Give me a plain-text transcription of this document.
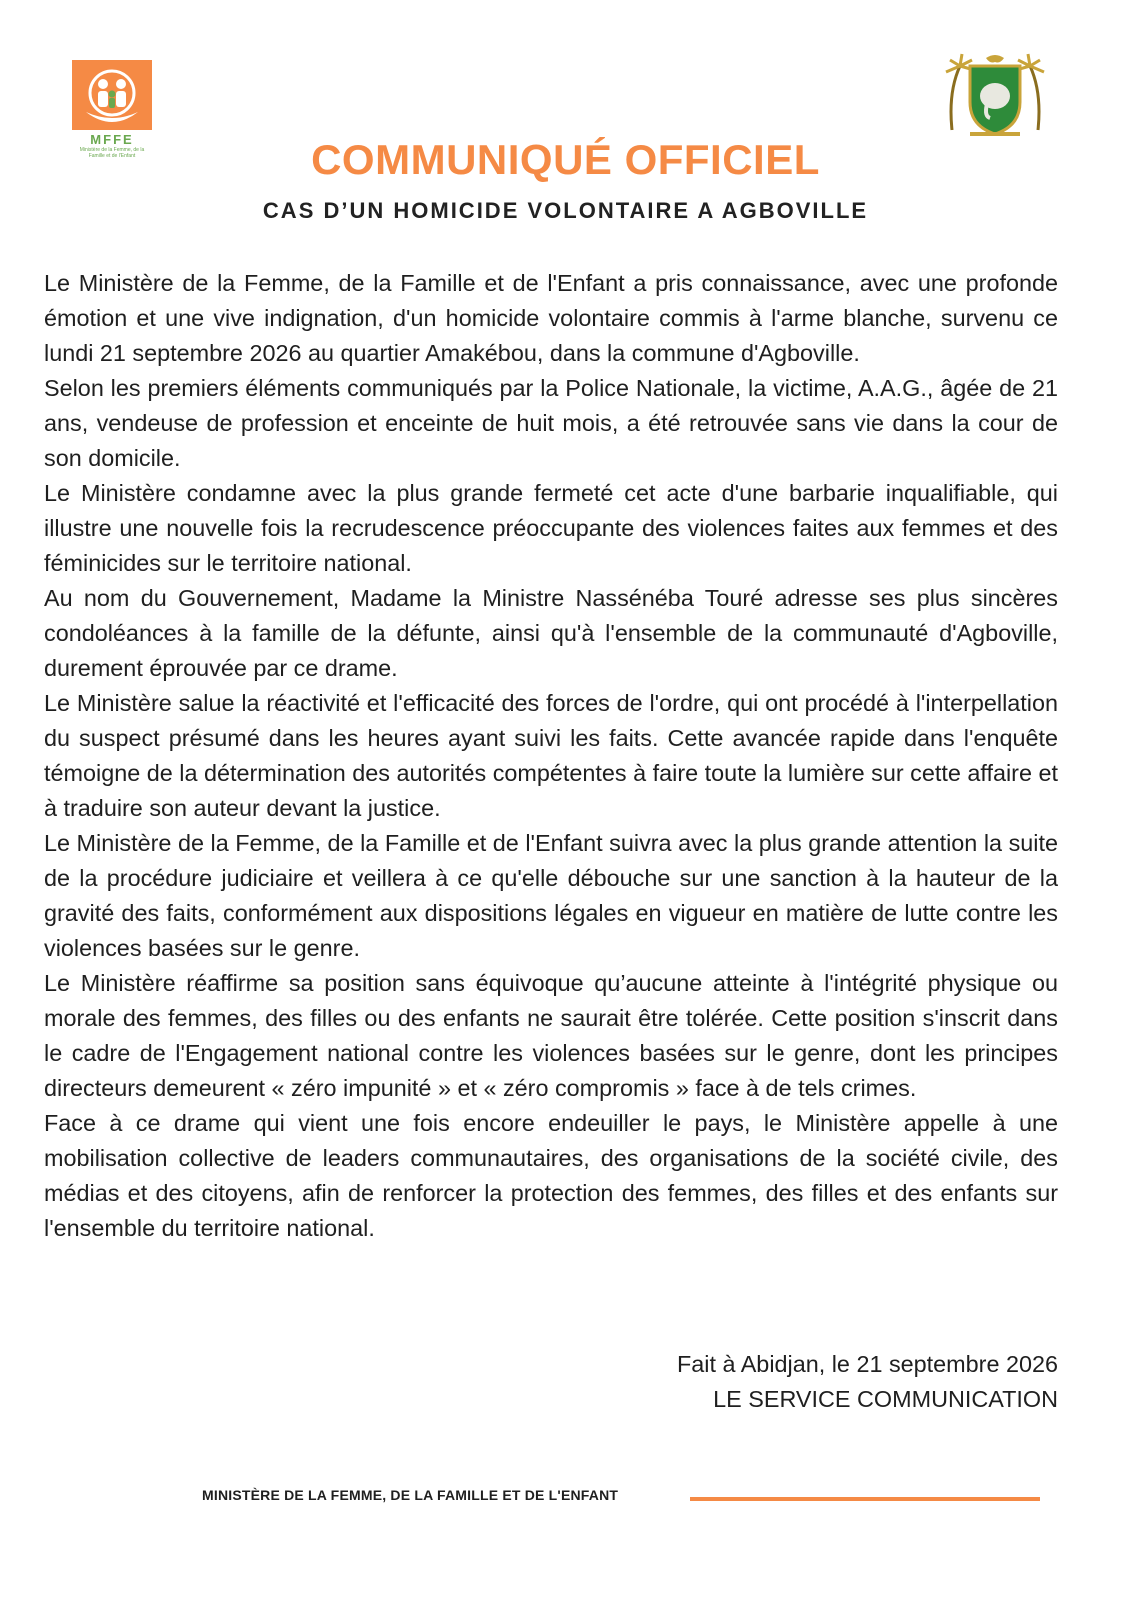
MFFE
Ministère de la Femme, de la Famille et de l'Enfant	COMMUNIQUÉ OFFICIEL
CAS D’UN HOMICIDE VOLONTAIRE A AGBOVILLE

Le Ministère de la Femme, de la Famille et de l'Enfant a pris connaissance, avec une profonde émotion et une vive indignation, d'un homicide volontaire commis à l'arme blanche, survenu ce lundi 21 septembre 2026 au quartier Amakébou, dans la commune d'Agboville.

Selon les premiers éléments communiqués par la Police Nationale, la victime, A.A.G., âgée de 21 ans, vendeuse de profession et enceinte de huit mois, a été retrouvée sans vie dans la cour de son domicile.

Le Ministère condamne avec la plus grande fermeté cet acte d'une barbarie inqualifiable, qui illustre une nouvelle fois la recrudescence préoccupante des violences faites aux femmes et des féminicides sur le territoire national.

Au nom du Gouvernement, Madame la Ministre Nassénéba Touré adresse ses plus sincères condoléances à la famille de la défunte, ainsi qu'à l'ensemble de la communauté d'Agboville, durement éprouvée par ce drame.

Le Ministère salue la réactivité et l'efficacité des forces de l'ordre, qui ont procédé à l'interpellation du suspect présumé dans les heures ayant suivi les faits. Cette avancée rapide dans l'enquête témoigne de la détermination des autorités compétentes à faire toute la lumière sur cette affaire et à traduire son auteur devant la justice.

Le Ministère de la Femme, de la Famille et de l'Enfant suivra avec la plus grande attention la suite de la procédure judiciaire et veillera à ce qu'elle débouche sur une sanction à la hauteur de la gravité des faits, conformément aux dispositions légales en vigueur en matière de lutte contre les violences basées sur le genre.

Le Ministère réaffirme sa position sans équivoque qu’aucune atteinte à l'intégrité physique ou morale des femmes, des filles ou des enfants ne saurait être tolérée. Cette position s'inscrit dans le cadre de l'Engagement national contre les violences basées sur le genre, dont les principes directeurs demeurent « zéro impunité » et « zéro compromis » face à de tels crimes.

Face à ce drame qui vient une fois encore endeuiller le pays, le Ministère appelle à une mobilisation collective de leaders communautaires, des organisations de la société civile, des médias et des citoyens, afin de renforcer la protection des femmes, des filles et des enfants sur l'ensemble du territoire national.

Fait à Abidjan, le 21 septembre 2026
LE SERVICE COMMUNICATION
MINISTÈRE DE LA FEMME, DE LA FAMILLE ET DE L'ENFANT
